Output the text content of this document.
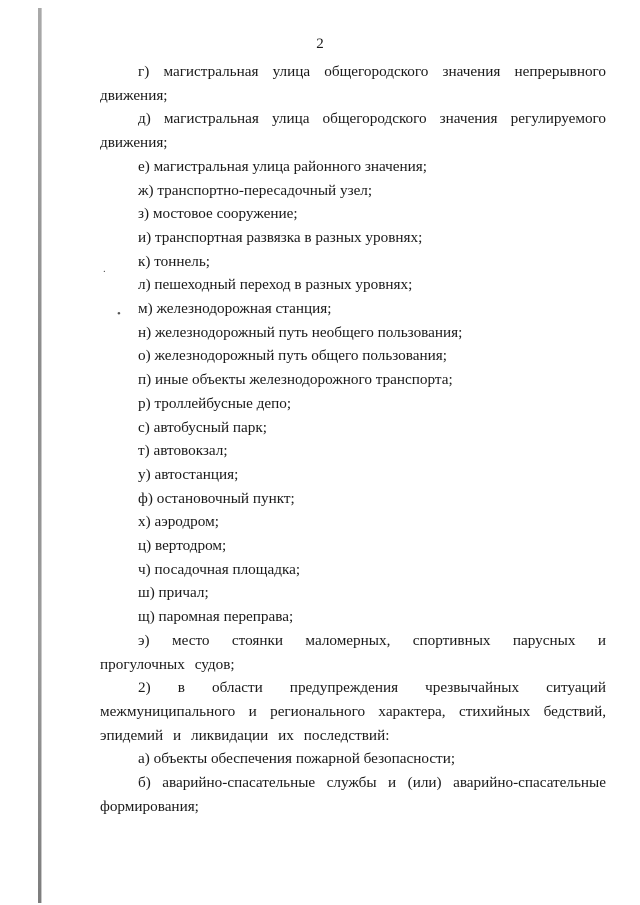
2
.
•

г) магистральная улица общегородского значения непрерывного движения;

д) магистральная улица общегородского значения регулируемого движения;

е) магистральная улица районного значения;

ж) транспортно-пересадочный узел;

з) мостовое сооружение;

и) транспортная развязка в разных уровнях;

к) тоннель;

л) пешеходный переход в разных уровнях;

м) железнодорожная станция;

н) железнодорожный путь необщего пользования;

о) железнодорожный путь общего пользования;

п) иные объекты железнодорожного транспорта;

р) троллейбусные депо;

с) автобусный парк;

т) автовокзал;

у) автостанция;

ф) остановочный пункт;

х) аэродром;

ц) вертодром;

ч) посадочная площадка;

ш) причал;

щ) паромная переправа;

э) место стоянки маломерных, спортивных парусных и прогулочных судов;

2) в области предупреждения чрезвычайных ситуаций межмуниципального и регионального характера, стихийных бедствий, эпидемий и ликвидации их последствий:

а) объекты обеспечения пожарной безопасности;

б) аварийно-спасательные службы и (или) аварийно-спасательные формирования;
